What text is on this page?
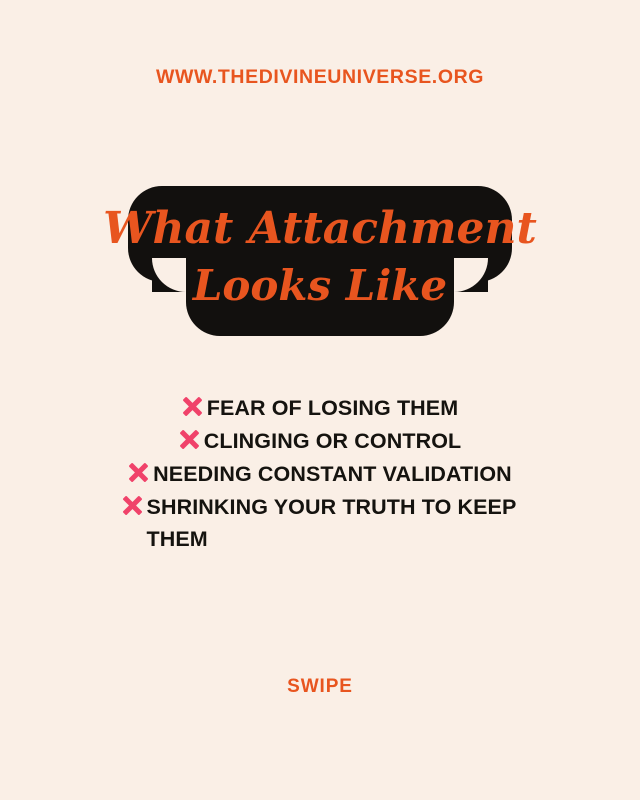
WWW.THEDIVINEUNIVERSE.ORG
What Attachment
Looks Like
FEAR OF LOSING THEM
CLINGING OR CONTROL
NEEDING CONSTANT VALIDATION
SHRINKING YOUR TRUTH TO KEEP THEM
SWIPE
